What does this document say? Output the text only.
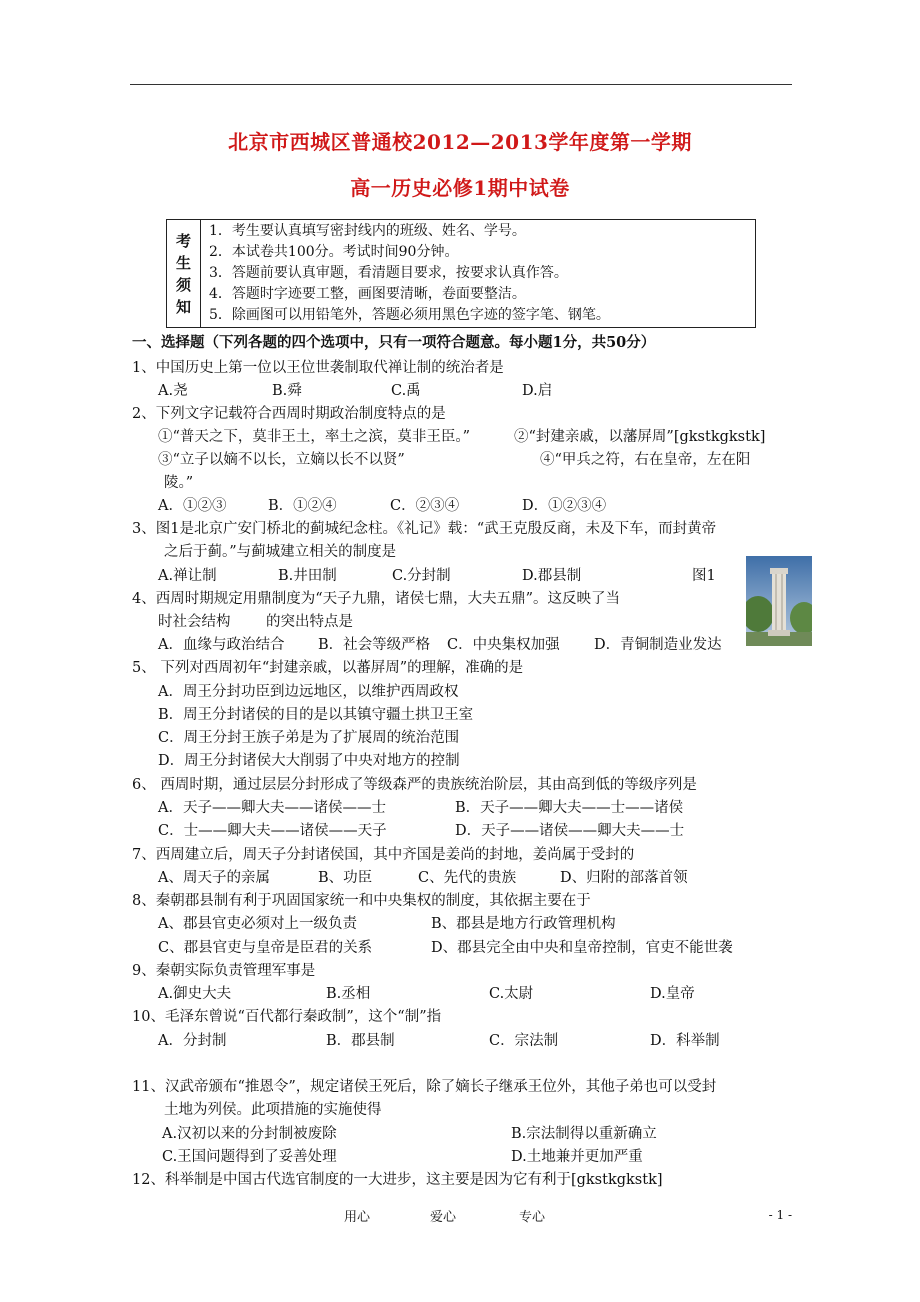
北京市西城区普通校2012—2013学年度第一学期
高一历史必修1期中试卷
考
生
须
知
1．考生要认真填写密封线内的班级、姓名、学号。
2．本试卷共100分。考试时间90分钟。
3．答题前要认真审题，看清题目要求，按要求认真作答。
4．答题时字迹要工整，画图要清晰，卷面要整洁。
5．除画图可以用铅笔外，答题必须用黑色字迹的签字笔、钢笔。
一、选择题（下列各题的四个选项中，只有一项符合题意。每小题1分，共50分）
1、中国历史上第一位以王位世袭制取代禅让制的统治者是
A.尧	B.舜	C.禹	D.启
2、下列文字记载符合西周时期政治制度特点的是
①“普天之下，莫非王土，率土之滨，莫非王臣。”	②“封建亲戚，以藩屏周”[gkstkgkstk]
③“立子以嫡不以长，立嫡以长不以贤”	④“甲兵之符，右在皇帝，左在阳
陵。”
A．①②③	B．①②④	C．②③④	D．①②③④
3、图1是北京广安门桥北的蓟城纪念柱。《礼记》载：“武王克殷反商，未及下车，而封黄帝
之后于蓟。”与蓟城建立相关的制度是
A.禅让制	B.井田制	C.分封制	D.郡县制	图1
4、西周时期规定用鼎制度为“天子九鼎，诸侯七鼎，大夫五鼎”。这反映了当
时社会结构 的突出特点是
A．血缘与政治结合 B．社会等级严格 C．中央集权加强 D．青铜制造业发达
5、 下列对西周初年“封建亲戚，以蕃屏周”的理解，准确的是
A．周王分封功臣到边远地区，以维护西周政权
B．周王分封诸侯的目的是以其镇守疆土拱卫王室
C．周王分封王族子弟是为了扩展周的统治范围
D．周王分封诸侯大大削弱了中央对地方的控制
6、 西周时期，通过层层分封形成了等级森严的贵族统治阶层，其由高到低的等级序列是
A．天子——卿大夫——诸侯——士	B．天子——卿大夫——士——诸侯
C．士——卿大夫——诸侯——天子	D．天子——诸侯——卿大夫——士
7、西周建立后，周天子分封诸侯国，其中齐国是姜尚的封地，姜尚属于受封的
A、周天子的亲属	B、功臣	C、先代的贵族	D、归附的部落首领
8、秦朝郡县制有利于巩固国家统一和中央集权的制度，其依据主要在于
A、郡县官吏必须对上一级负责	B、郡县是地方行政管理机构
C、郡县官吏与皇帝是臣君的关系	D、郡县完全由中央和皇帝控制，官吏不能世袭
9、秦朝实际负责管理军事是
A.御史大夫	B.丞相	C.太尉	D.皇帝
10、毛泽东曾说“百代都行秦政制”，这个“制”指
A．分封制	B．郡县制	C．宗法制	D．科举制
11、汉武帝颁布“推恩令”，规定诸侯王死后，除了嫡长子继承王位外，其他子弟也可以受封
土地为列侯。此项措施的实施使得
A.汉初以来的分封制被废除	B.宗法制得以重新确立
C.王国问题得到了妥善处理	D.土地兼并更加严重
12、科举制是中国古代选官制度的一大进步，这主要是因为它有利于[gkstkgkstk]
用心	爱心	专心	- 1 -
